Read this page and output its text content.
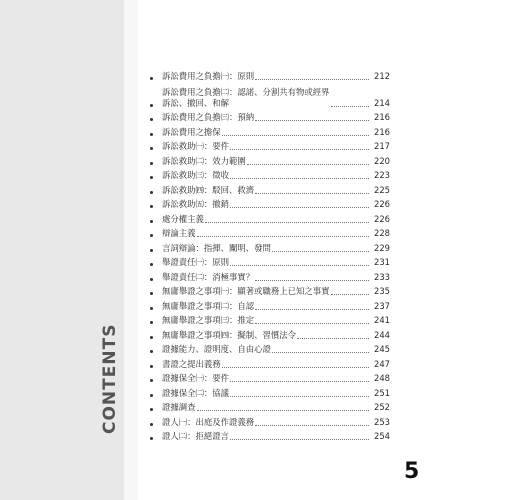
CONTENTS
訴訟費用之負擔㈠：原則	212
訴訟費用之負擔㈡：認諾、分割共有物或經界
訴訟、撤回、和解	214
訴訟費用之負擔㈢：預納	216
訴訟費用之擔保	216
訴訟救助㈠：要件	217
訴訟救助㈡：效力範圍	220
訴訟救助㈢：徵收	223
訴訟救助㈣：駁回、救濟	225
訴訟救助㈤：撤銷	226
處分權主義	226
辯論主義	228
言詞辯論：指揮、闡明、發問	229
舉證責任㈠：原則	231
舉證責任㈡：消極事實？	233
無庸舉證之事項㈠：顯著或職務上已知之事實	235
無庸舉證之事項㈡：自認	237
無庸舉證之事項㈢：推定	241
無庸舉證之事項㈣：擬制、習慣法令	244
證據能力、證明度、自由心證	245
書證之提出義務	247
證據保全㈠：要件	248
證據保全㈡：協議	251
證據調查	252
證人㈠：出庭及作證義務	253
證人㈡：拒絕證言	254
5
